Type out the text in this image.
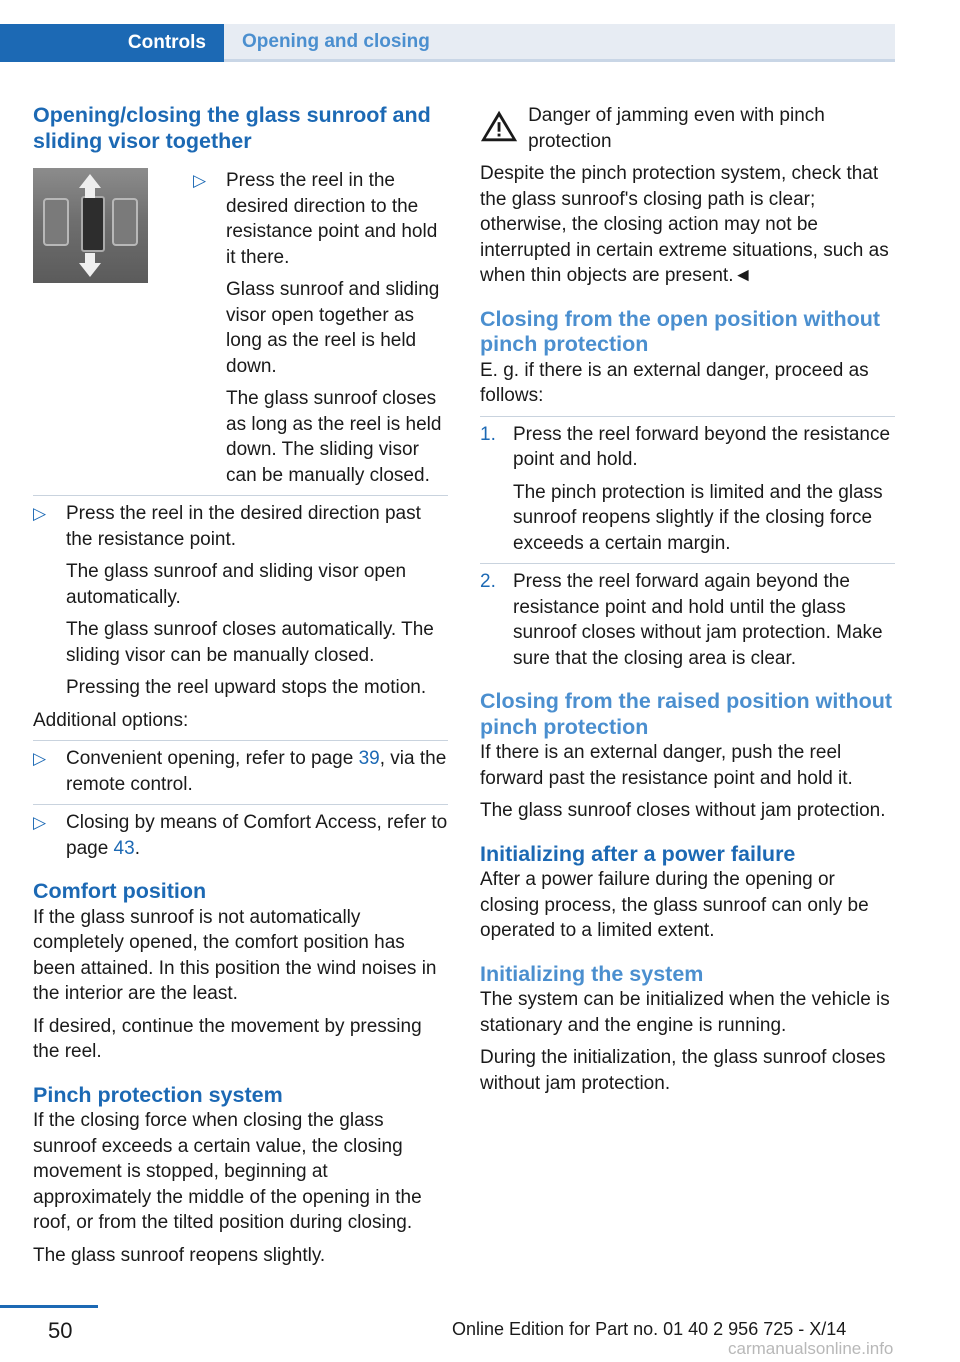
Controls	Opening and closing
Opening/closing the glass sunroof and sliding visor together
▷ Press the reel in the desired direction to the resistance point and hold it there.

Glass sunroof and sliding visor open together as long as the reel is held down.

The glass sunroof closes as long as the reel is held down. The sliding visor can be manually closed.

▷ Press the reel in the desired direction past the resistance point.

The glass sunroof and sliding visor open automatically.

The glass sunroof closes automatically. The sliding visor can be manually closed.

Pressing the reel upward stops the motion.

Additional options:

▷ Convenient opening, refer to page 39, via the remote control.

▷ Closing by means of Comfort Access, refer to page 43.

Comfort position

If the glass sunroof is not automatically completely opened, the comfort position has been attained. In this position the wind noises in the interior are the least.

If desired, continue the movement by pressing the reel.

Pinch protection system

If the closing force when closing the glass sunroof exceeds a certain value, the closing movement is stopped, beginning at approximately the middle of the opening in the roof, or from the tilted position during closing.

The glass sunroof reopens slightly.

Danger of jamming even with pinch protection

Despite the pinch protection system, check that the glass sunroof's closing path is clear; otherwise, the closing action may not be interrupted in certain extreme situations, such as when thin objects are present.◄

Closing from the open position without pinch protection

E. g. if there is an external danger, proceed as follows:

1. Press the reel forward beyond the resistance point and hold.

The pinch protection is limited and the glass sunroof reopens slightly if the closing force exceeds a certain margin.

2. Press the reel forward again beyond the resistance point and hold until the glass sunroof closes without jam protection. Make sure that the closing area is clear.

Closing from the raised position without pinch protection

If there is an external danger, push the reel forward past the resistance point and hold it.

The glass sunroof closes without jam protection.

Initializing after a power failure

After a power failure during the opening or closing process, the glass sunroof can only be operated to a limited extent.

Initializing the system

The system can be initialized when the vehicle is stationary and the engine is running.

During the initialization, the glass sunroof closes without jam protection.

50	Online Edition for Part no. 01 40 2 956 725 - X/14
carmanualsonline.info
